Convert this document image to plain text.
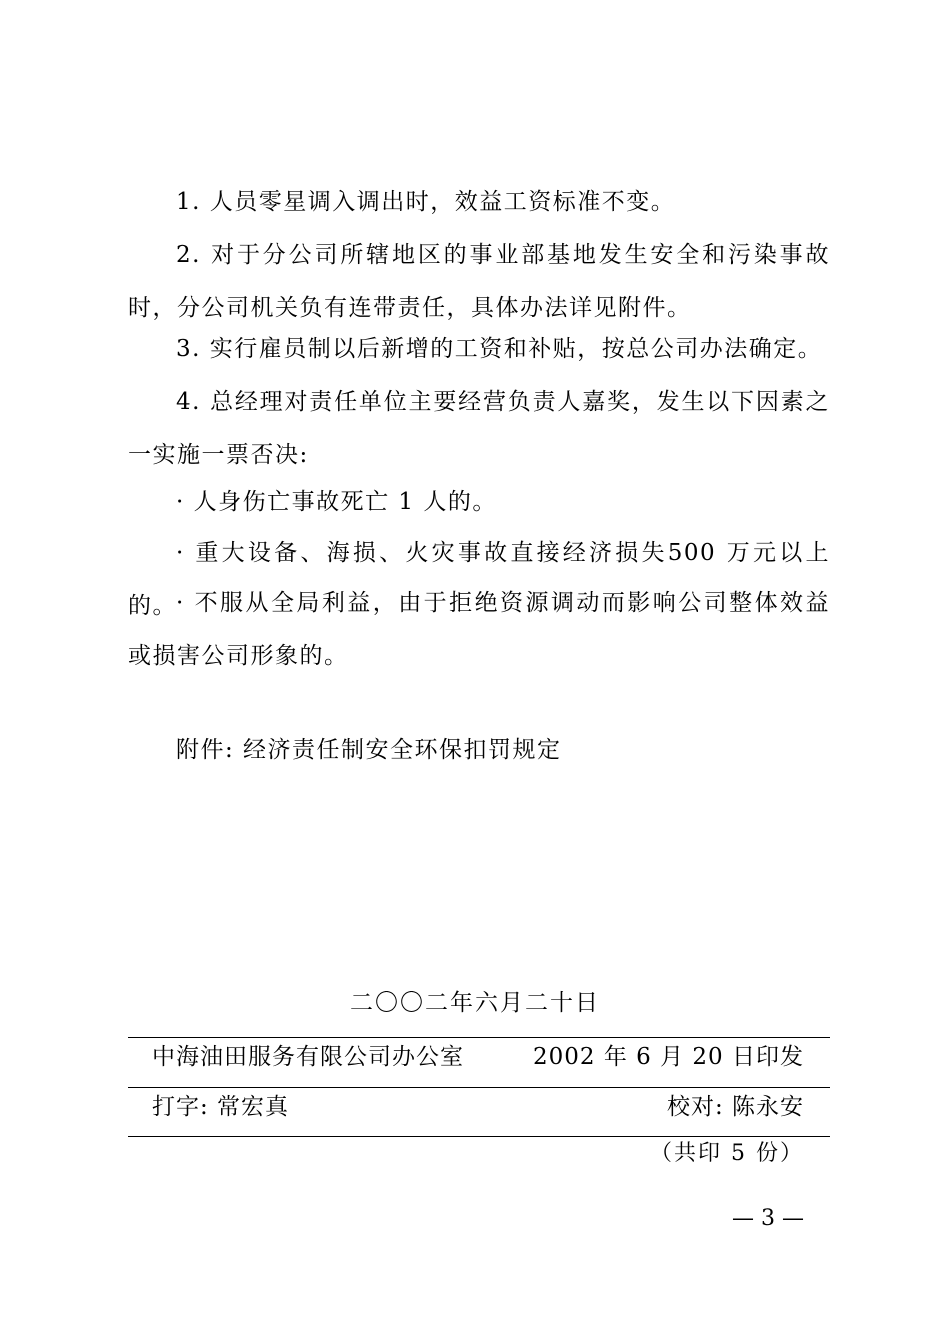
1. 人员零星调入调出时，效益工资标准不变。

2. 对于分公司所辖地区的事业部基地发生安全和污染事故时，分公司机关负有连带责任，具体办法详见附件。

3. 实行雇员制以后新增的工资和补贴，按总公司办法确定。

4. 总经理对责任单位主要经营负责人嘉奖，发生以下因素之一实施一票否决:

· 人身伤亡事故死亡 1 人的。

· 重大设备、海损、火灾事故直接经济损失500 万元以上的。 · 不服从全局利益，由于拒绝资源调动而影响公司整体效益或损害公司形象的。

附件: 经济责任制安全环保扣罚规定

二〇〇二年六月二十日
中海油田服务有限公司办公室	2002 年 6 月 20 日印发
打字: 常宏真	校对: 陈永安
（共印 5 份）
— 3 —
